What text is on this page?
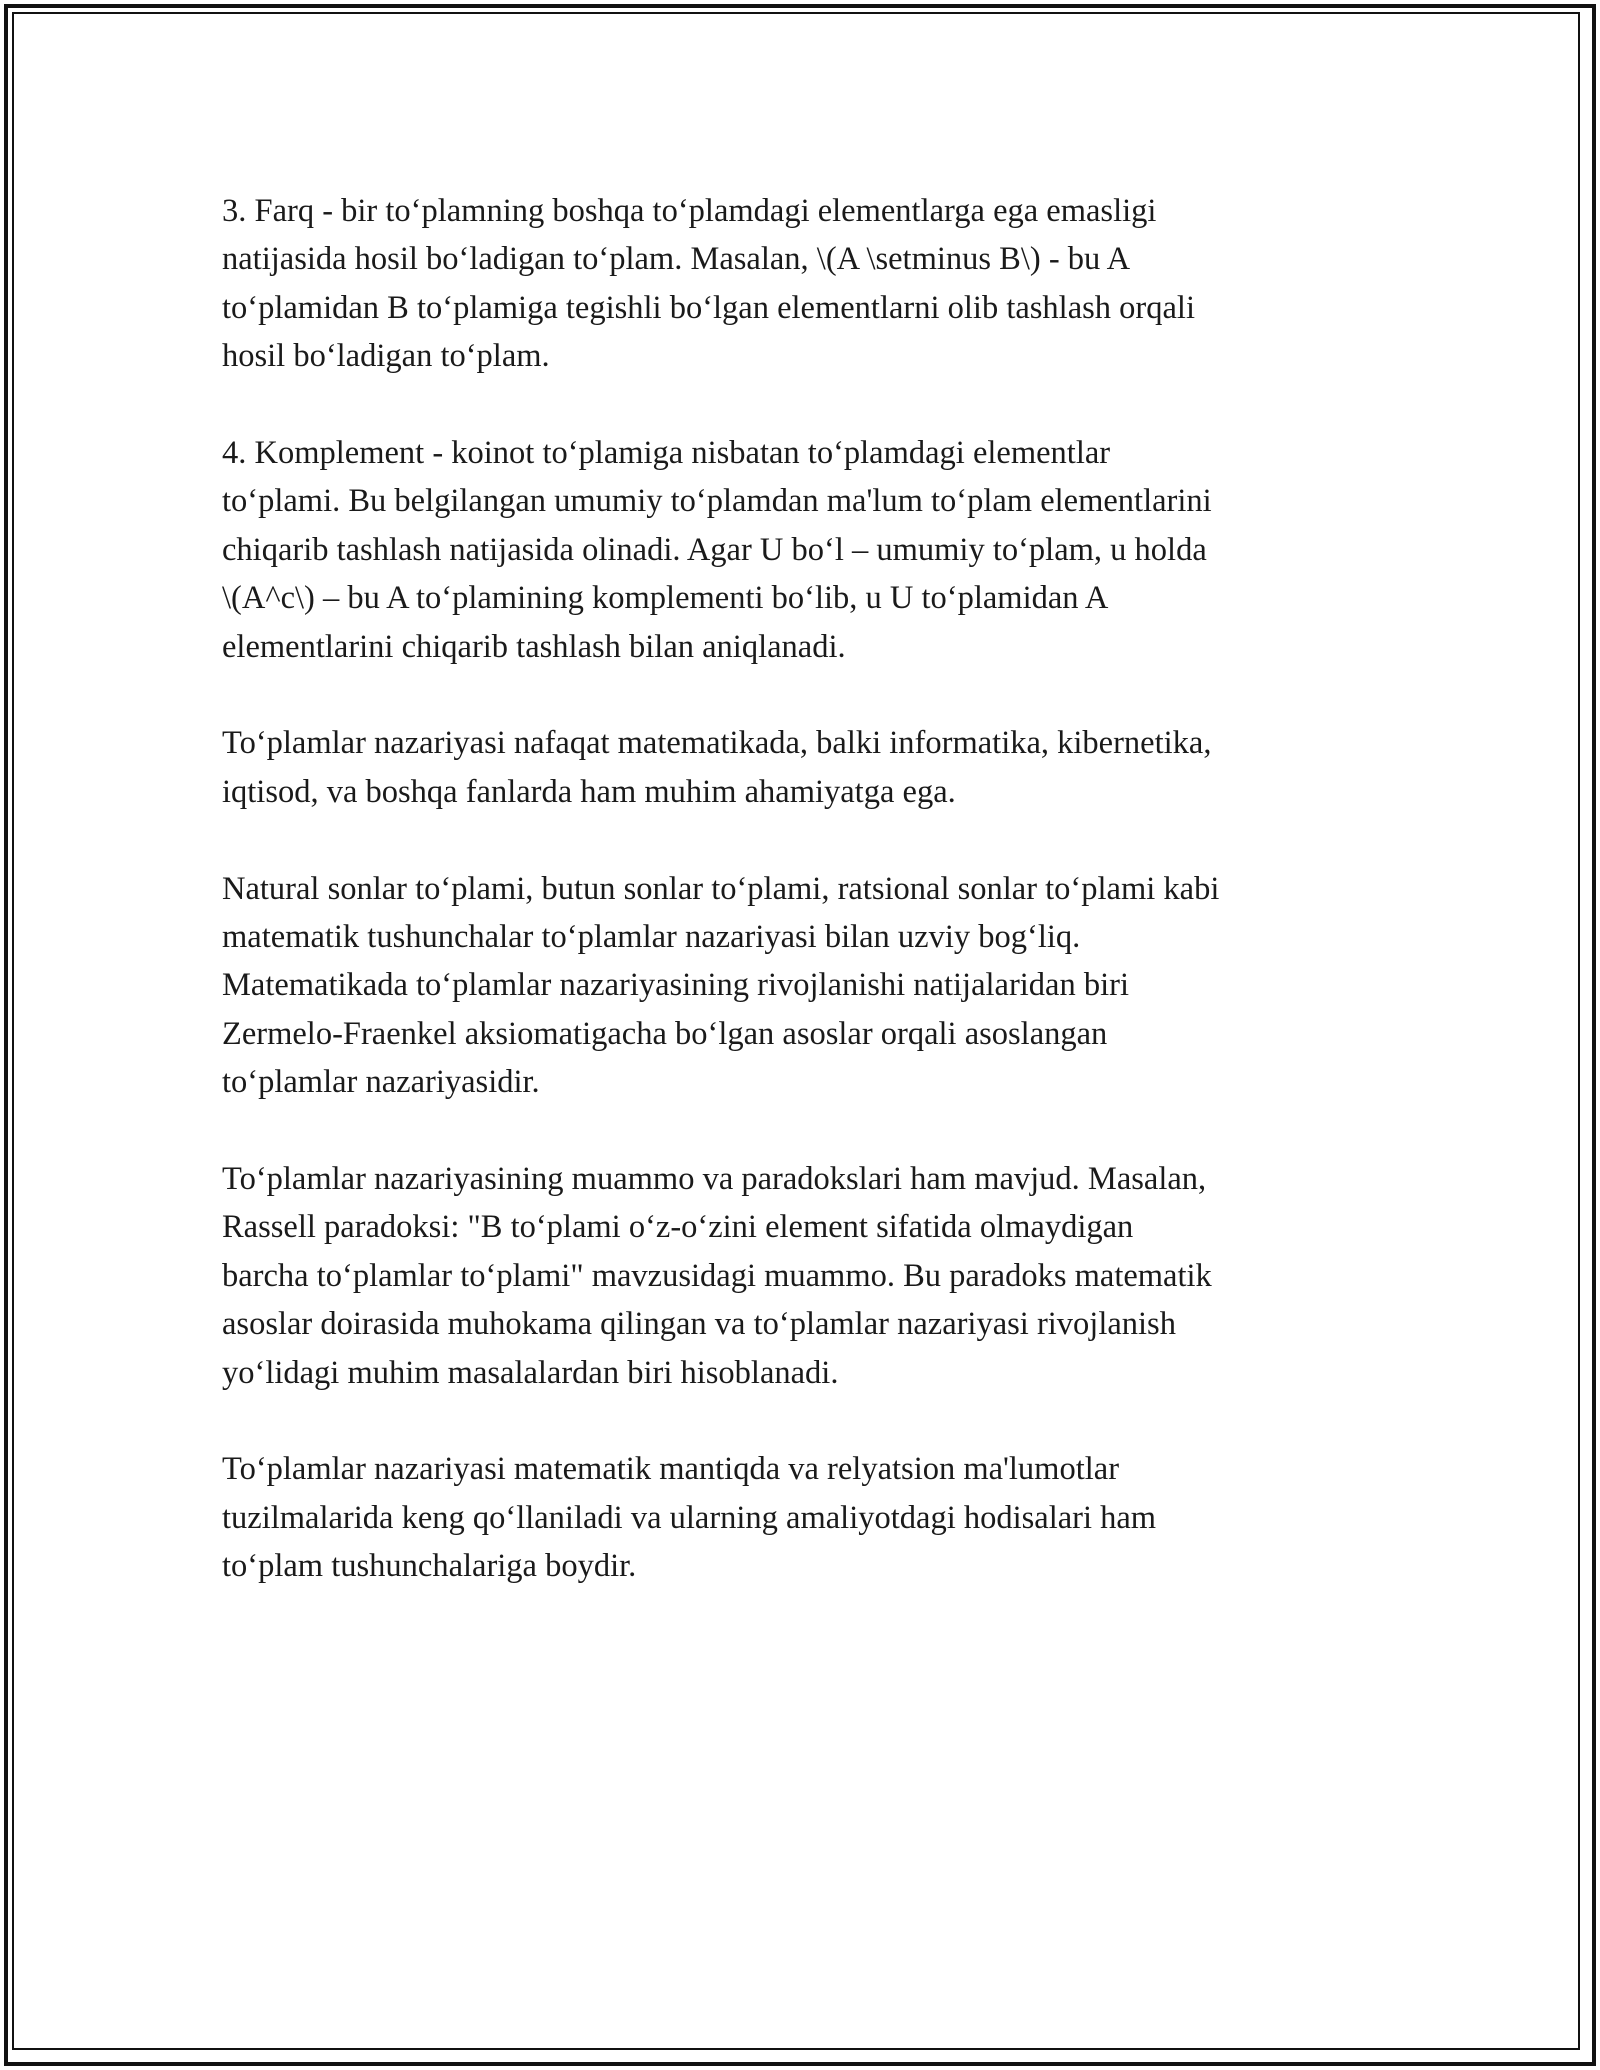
3. Farq - bir to‘plamning boshqa to‘plamdagi elementlarga ega emasligi
natijasida hosil bo‘ladigan to‘plam. Masalan, \(A \setminus B\) - bu A
to‘plamidan B to‘plamiga tegishli bo‘lgan elementlarni olib tashlash orqali
hosil bo‘ladigan to‘plam.

4. Komplement - koinot to‘plamiga nisbatan to‘plamdagi elementlar
to‘plami. Bu belgilangan umumiy to‘plamdan ma'lum to‘plam elementlarini
chiqarib tashlash natijasida olinadi. Agar U bo‘l – umumiy to‘plam, u holda
\(A^c\) – bu A to‘plamining komplementi bo‘lib, u U to‘plamidan A
elementlarini chiqarib tashlash bilan aniqlanadi.

To‘plamlar nazariyasi nafaqat matematikada, balki informatika, kibernetika,
iqtisod, va boshqa fanlarda ham muhim ahamiyatga ega.

Natural sonlar to‘plami, butun sonlar to‘plami, ratsional sonlar to‘plami kabi
matematik tushunchalar to‘plamlar nazariyasi bilan uzviy bog‘liq.
Matematikada to‘plamlar nazariyasining rivojlanishi natijalaridan biri
Zermelo-Fraenkel aksiomatigacha bo‘lgan asoslar orqali asoslangan
to‘plamlar nazariyasidir.

To‘plamlar nazariyasining muammo va paradokslari ham mavjud. Masalan,
Rassell paradoksi: "B to‘plami o‘z-o‘zini element sifatida olmaydigan
barcha to‘plamlar to‘plami" mavzusidagi muammo. Bu paradoks matematik
asoslar doirasida muhokama qilingan va to‘plamlar nazariyasi rivojlanish
yo‘lidagi muhim masalalardan biri hisoblanadi.

To‘plamlar nazariyasi matematik mantiqda va relyatsion ma'lumotlar
tuzilmalarida keng qo‘llaniladi va ularning amaliyotdagi hodisalari ham
to‘plam tushunchalariga boydir.
